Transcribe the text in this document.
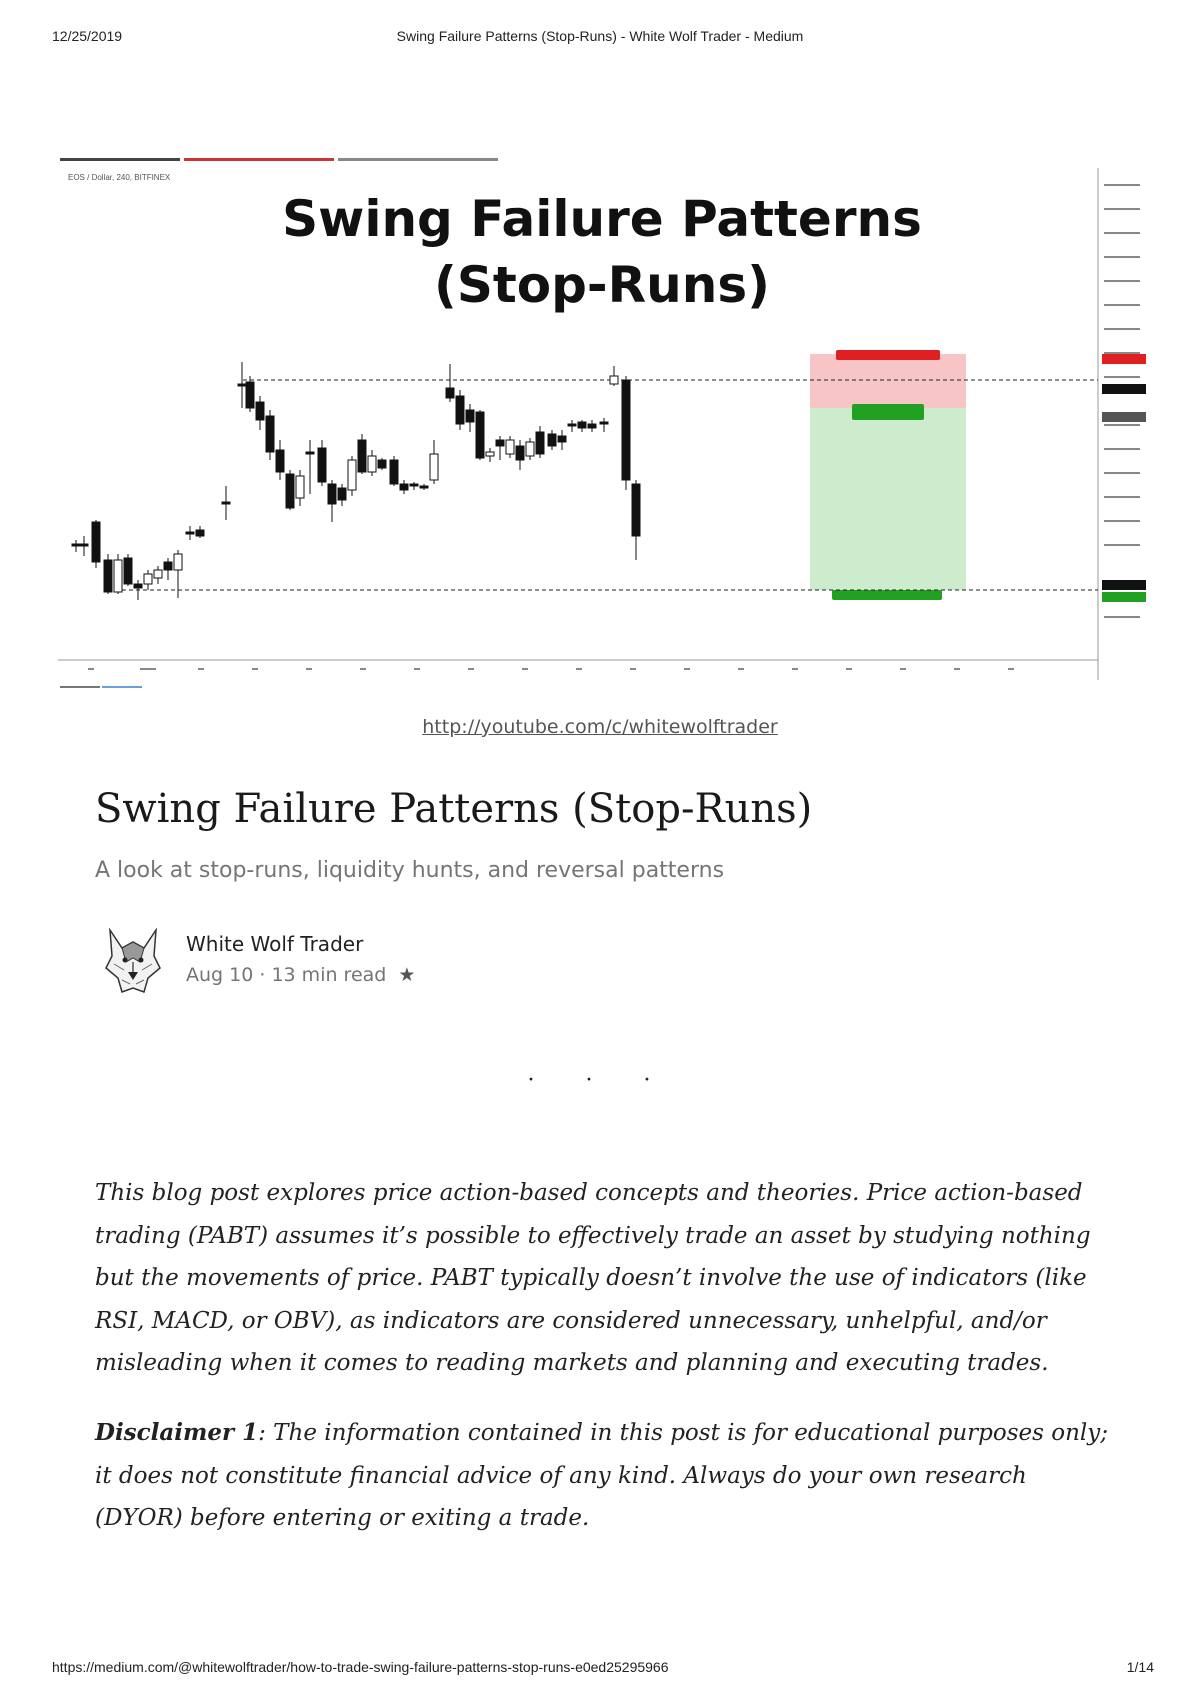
12/25/2019	Swing Failure Patterns (Stop-Runs) - White Wolf Trader - Medium
EOS / Dollar, 240, BITFINEX
Swing Failure Patterns
(Stop-Runs)
http://youtube.com/c/whitewolftrader
Swing Failure Patterns (Stop-Runs)
A look at stop-runs, liquidity hunts, and reversal patterns
White Wolf Trader
Aug 10 · 13 min read ★
· · ·

This blog post explores price action-based concepts and theories. Price action-based trading (PABT) assumes it’s possible to effectively trade an asset by studying nothing but the movements of price. PABT typically doesn’t involve the use of indicators (like RSI, MACD, or OBV), as indicators are considered unnecessary, unhelpful, and/or misleading when it comes to reading markets and planning and executing trades.

Disclaimer 1: The information contained in this post is for educational purposes only; it does not constitute financial advice of any kind. Always do your own research (DYOR) before entering or exiting a trade.

https://medium.com/@whitewolftrader/how-to-trade-swing-failure-patterns-stop-runs-e0ed25295966	1/14
